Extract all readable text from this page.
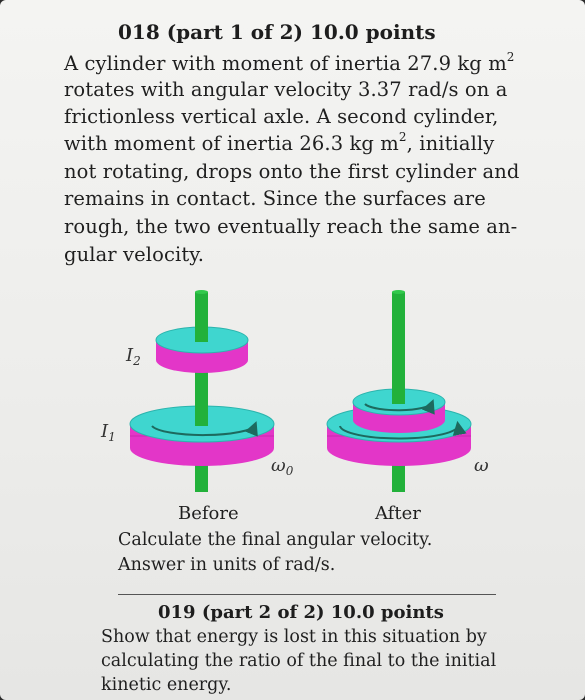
018 (part 1 of 2) 10.0 points
A cylinder with moment of inertia 27.9 kg $m^2$
rotates with angular velocity 3.37 rad/s on a
frictionless vertical axle. A second cylinder,
with moment of inertia 26.3 kg $m^2$, initially
not rotating, drops onto the first cylinder and
remains in contact. Since the surfaces are
rough, the two eventually reach the same an-
gular velocity.
$I_2$
$I_1$
$\omega_0$	ω
Before	After
Calculate the final angular velocity.
Answer in units of rad/s.
019 (part 2 of 2) 10.0 points
Show that energy is lost in this situation by
calculating the ratio of the final to the initial
kinetic energy.
